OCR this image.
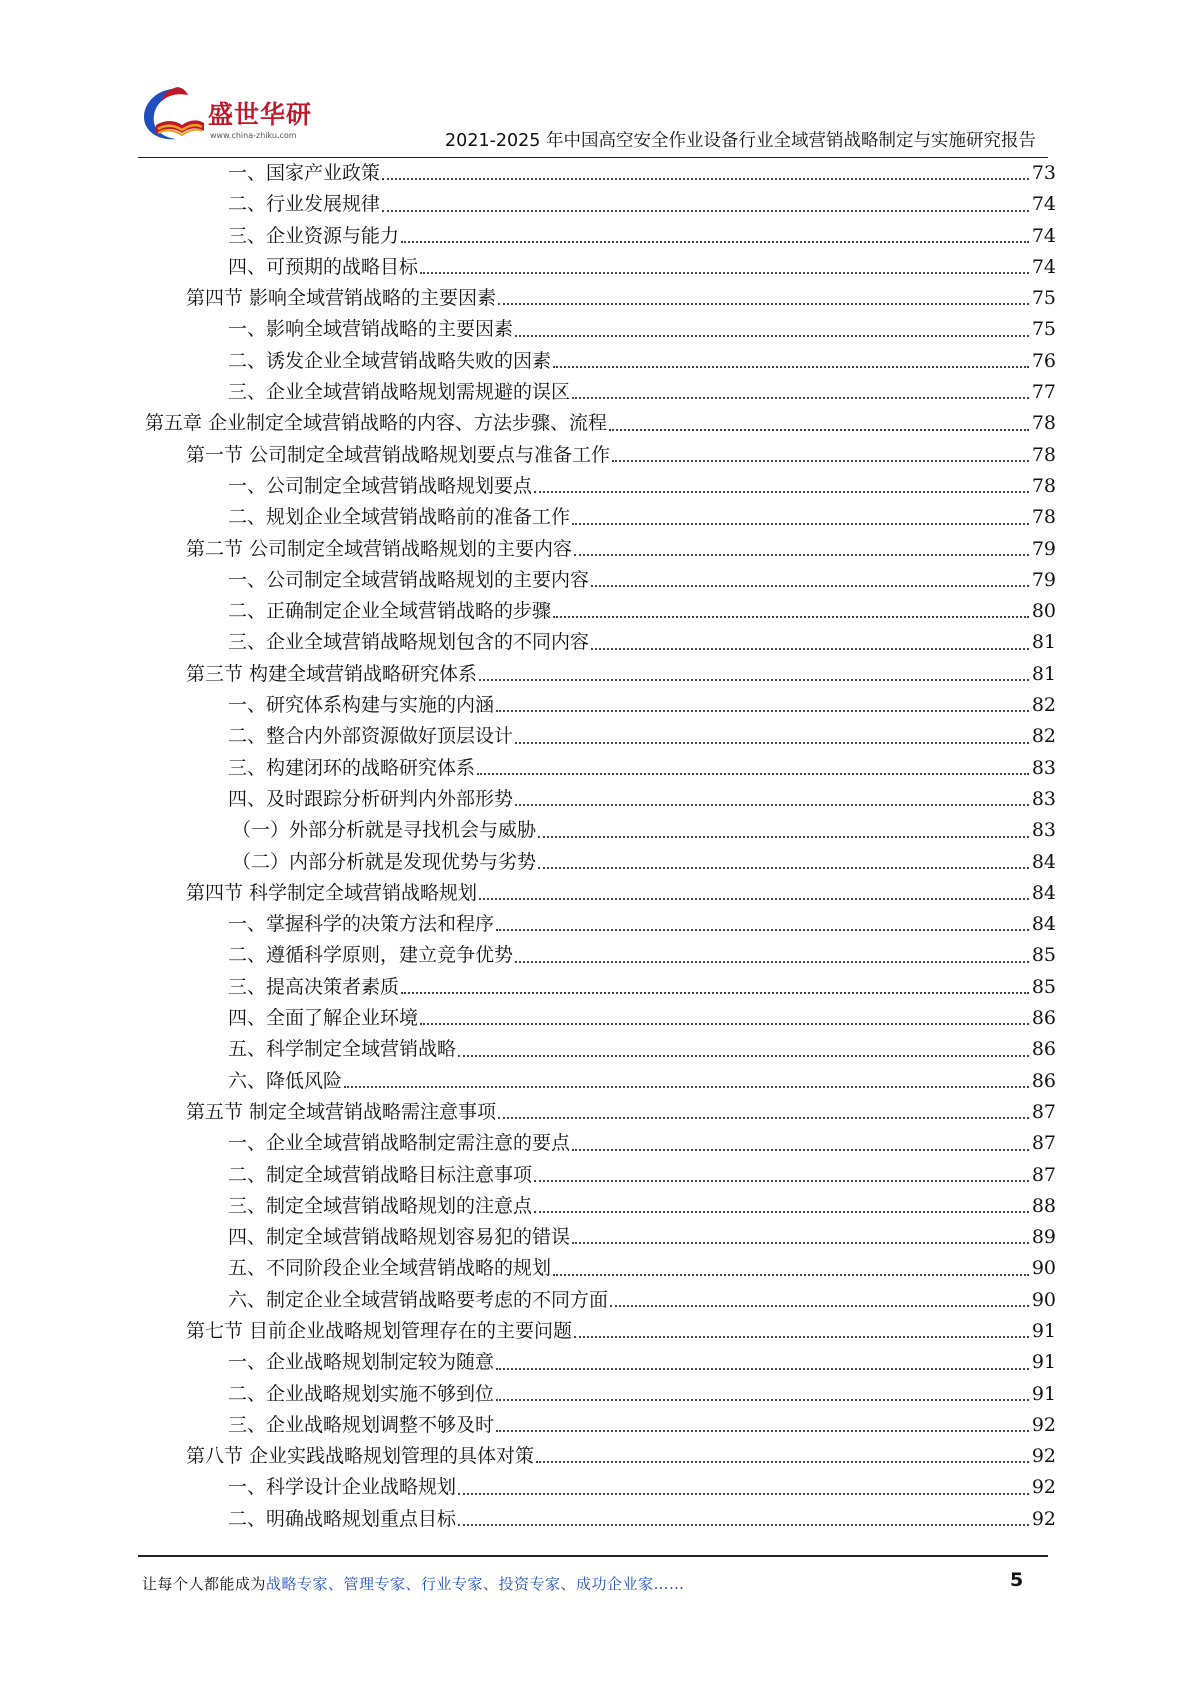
盛世华研
www.china-zhiku.com	2021-2025 年中国高空安全作业设备行业全域营销战略制定与实施研究报告
一、国家产业政策	73
二、行业发展规律	74
三、企业资源与能力	74
四、可预期的战略目标	74
第四节 影响全域营销战略的主要因素	75
一、影响全域营销战略的主要因素	75
二、诱发企业全域营销战略失败的因素	76
三、企业全域营销战略规划需规避的误区	77
第五章 企业制定全域营销战略的内容、方法步骤、流程	78
第一节 公司制定全域营销战略规划要点与准备工作	78
一、公司制定全域营销战略规划要点	78
二、规划企业全域营销战略前的准备工作	78
第二节 公司制定全域营销战略规划的主要内容	79
一、公司制定全域营销战略规划的主要内容	79
二、正确制定企业全域营销战略的步骤	80
三、企业全域营销战略规划包含的不同内容	81
第三节 构建全域营销战略研究体系	81
一、研究体系构建与实施的内涵	82
二、整合内外部资源做好顶层设计	82
三、构建闭环的战略研究体系	83
四、及时跟踪分析研判内外部形势	83
（一）外部分析就是寻找机会与威胁	83
（二）内部分析就是发现优势与劣势	84
第四节 科学制定全域营销战略规划	84
一、掌握科学的决策方法和程序	84
二、遵循科学原则，建立竞争优势	85
三、提高决策者素质	85
四、全面了解企业环境	86
五、科学制定全域营销战略	86
六、降低风险	86
第五节 制定全域营销战略需注意事项	87
一、企业全域营销战略制定需注意的要点	87
二、制定全域营销战略目标注意事项	87
三、制定全域营销战略规划的注意点	88
四、制定全域营销战略规划容易犯的错误	89
五、不同阶段企业全域营销战略的规划	90
六、制定企业全域营销战略要考虑的不同方面	90
第七节 目前企业战略规划管理存在的主要问题	91
一、企业战略规划制定较为随意	91
二、企业战略规划实施不够到位	91
三、企业战略规划调整不够及时	92
第八节 企业实践战略规划管理的具体对策	92
一、科学设计企业战略规划	92
二、明确战略规划重点目标	92
让每个人都能成为战略专家、管理专家、行业专家、投资专家、成功企业家……	5
